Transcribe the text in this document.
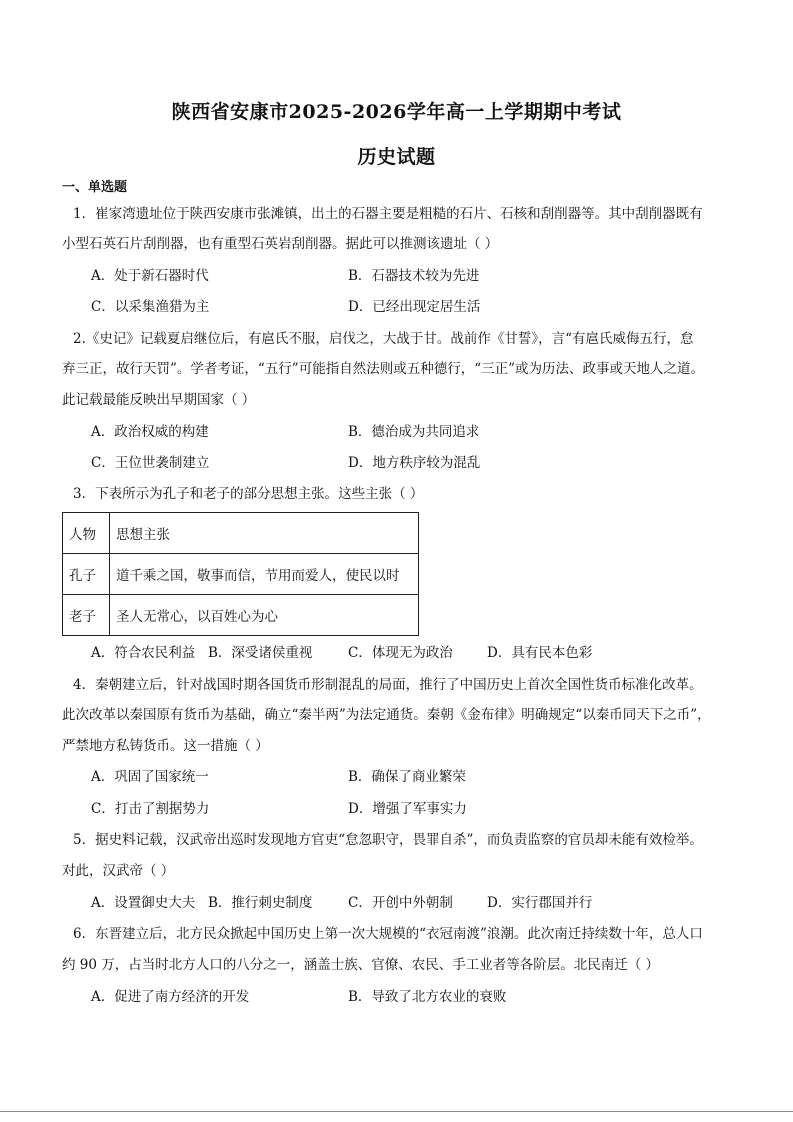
陕西省安康市2025-2026学年高一上学期期中考试
历史试题
一、单选题
1．崔家湾遗址位于陕西安康市张滩镇，出土的石器主要是粗糙的石片、石核和刮削器等。其中刮削器既有
小型石英石片刮削器，也有重型石英岩刮削器。据此可以推测该遗址（ ）
A．处于新石器时代	B．石器技术较为先进
C．以采集渔猎为主	D．已经出现定居生活
2.《史记》记载夏启继位后，有扈氏不服，启伐之，大战于甘。战前作《甘誓》，言“有扈氏威侮五行，怠
弃三正，故行天罚”。学者考证，“五行”可能指自然法则或五种德行，“三正”或为历法、政事或天地人之道。
此记载最能反映出早期国家（ ）
A．政治权威的构建	B．德治成为共同追求
C．王位世袭制建立	D．地方秩序较为混乱
3．下表所示为孔子和老子的部分思想主张。这些主张（ ）
人物	思想主张
孔子	道千乘之国，敬事而信，节用而爱人，使民以时
老子	圣人无常心，以百姓心为心
A．符合农民利益 B．深受诸侯重视	C．体现无为政治	D．具有民本色彩
4．秦朝建立后，针对战国时期各国货币形制混乱的局面，推行了中国历史上首次全国性货币标准化改革。
此次改革以秦国原有货币为基础，确立“秦半两”为法定通货。秦朝《金布律》明确规定“以秦币同天下之币”，
严禁地方私铸货币。这一措施（ ）
A．巩固了国家统一	B．确保了商业繁荣
C．打击了割据势力	D．增强了军事实力
5．据史料记载，汉武帝出巡时发现地方官吏“怠忽职守，畏罪自杀”，而负责监察的官员却未能有效检举。
对此，汉武帝（ ）
A．设置御史大夫 B．推行刺史制度	C．开创中外朝制	D．实行郡国并行
6．东晋建立后，北方民众掀起中国历史上第一次大规模的“衣冠南渡”浪潮。此次南迁持续数十年，总人口
约 90 万，占当时北方人口的八分之一，涵盖士族、官僚、农民、手工业者等各阶层。北民南迁（ ）
A．促进了南方经济的开发	B．导致了北方农业的衰败
